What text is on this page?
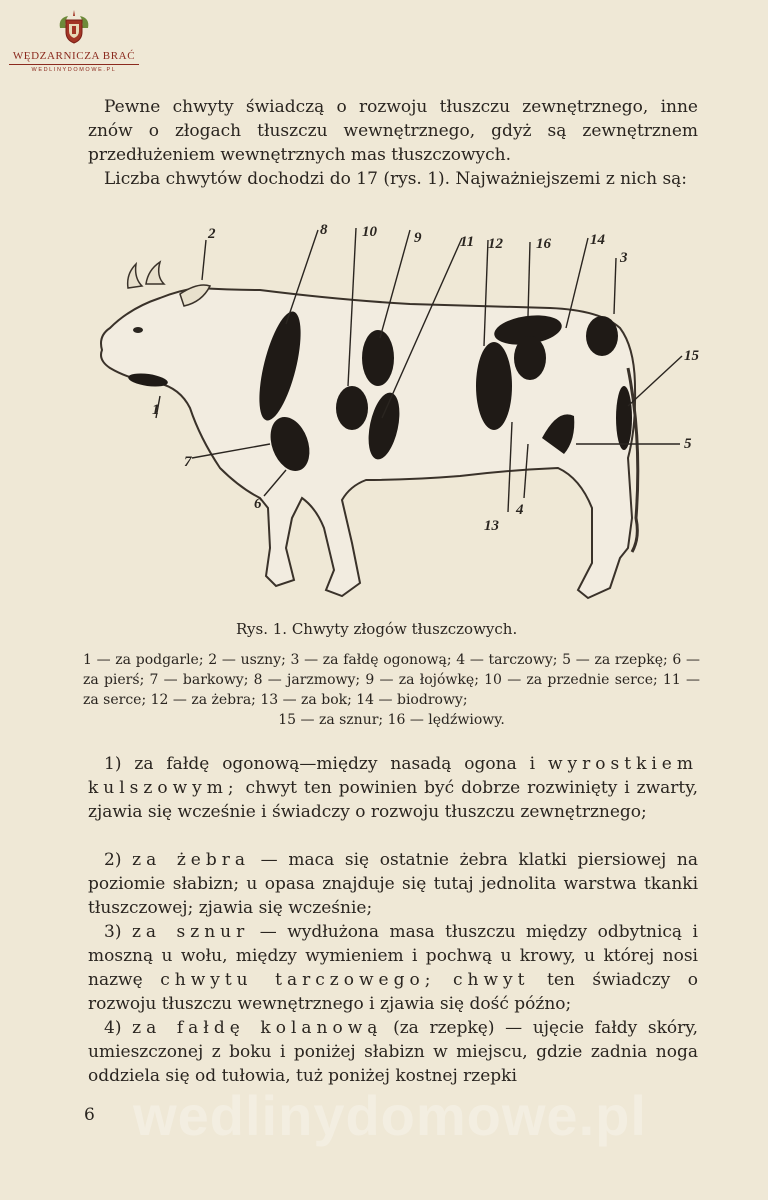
WĘDZARNICZA BRAĆ
WEDLINYDOMOWE.PL

Pewne chwyty świadczą o rozwoju tłuszczu zewnętrznego, inne znów o złogach tłuszczu wewnętrznego, gdyż są zewnętrznem przedłużeniem wewnętrznych mas tłuszczowych.

Liczba chwytów dochodzi do 17 (rys. 1). Najważniejszemi z nich są:

2	8 10 9	11 12 16	14
3
15
1
7
5
6
13
4

Rys. 1. Chwyty złogów tłuszczowych.

1 — za podgarle; 2 — uszny; 3 — za fałdę ogonową; 4 — tarczowy; 5 — za rzepkę; 6 — za pierś; 7 — barkowy; 8 — jarzmowy; 9 — za łojówkę; 10 — za przednie serce; 11 — za serce; 12 — za żebra; 13 — za bok; 14 — biodrowy;
15 — za sznur; 16 — lędźwiowy.

1) za fałdę ogonową—między nasadą ogona i wyrostkiem kulszowym; chwyt ten powinien być dobrze rozwinięty i zwarty, zjawia się wcześnie i świadczy o rozwoju tłuszczu zewnętrznego;

2) za żebra — maca się ostatnie żebra klatki piersiowej na poziomie słabizn; u opasa znajduje się tutaj jednolita warstwa tkanki tłuszczowej; zjawia się wcześnie;

3) za sznur — wydłużona masa tłuszczu między odbytnicą i moszną u wołu, między wymieniem i pochwą u krowy, u której nosi nazwę chwytu tarczowego; chwyt ten świadczy o rozwoju tłuszczu wewnętrznego i zjawia się dość późno;

4) za fałdę kolanową (za rzepkę) — ujęcie fałdy skóry, umieszczonej z boku i poniżej słabizn w miejscu, gdzie zadnia noga oddziela się od tułowia, tuż poniżej kostnej rzepki

wedlinydomowe.pl

6
